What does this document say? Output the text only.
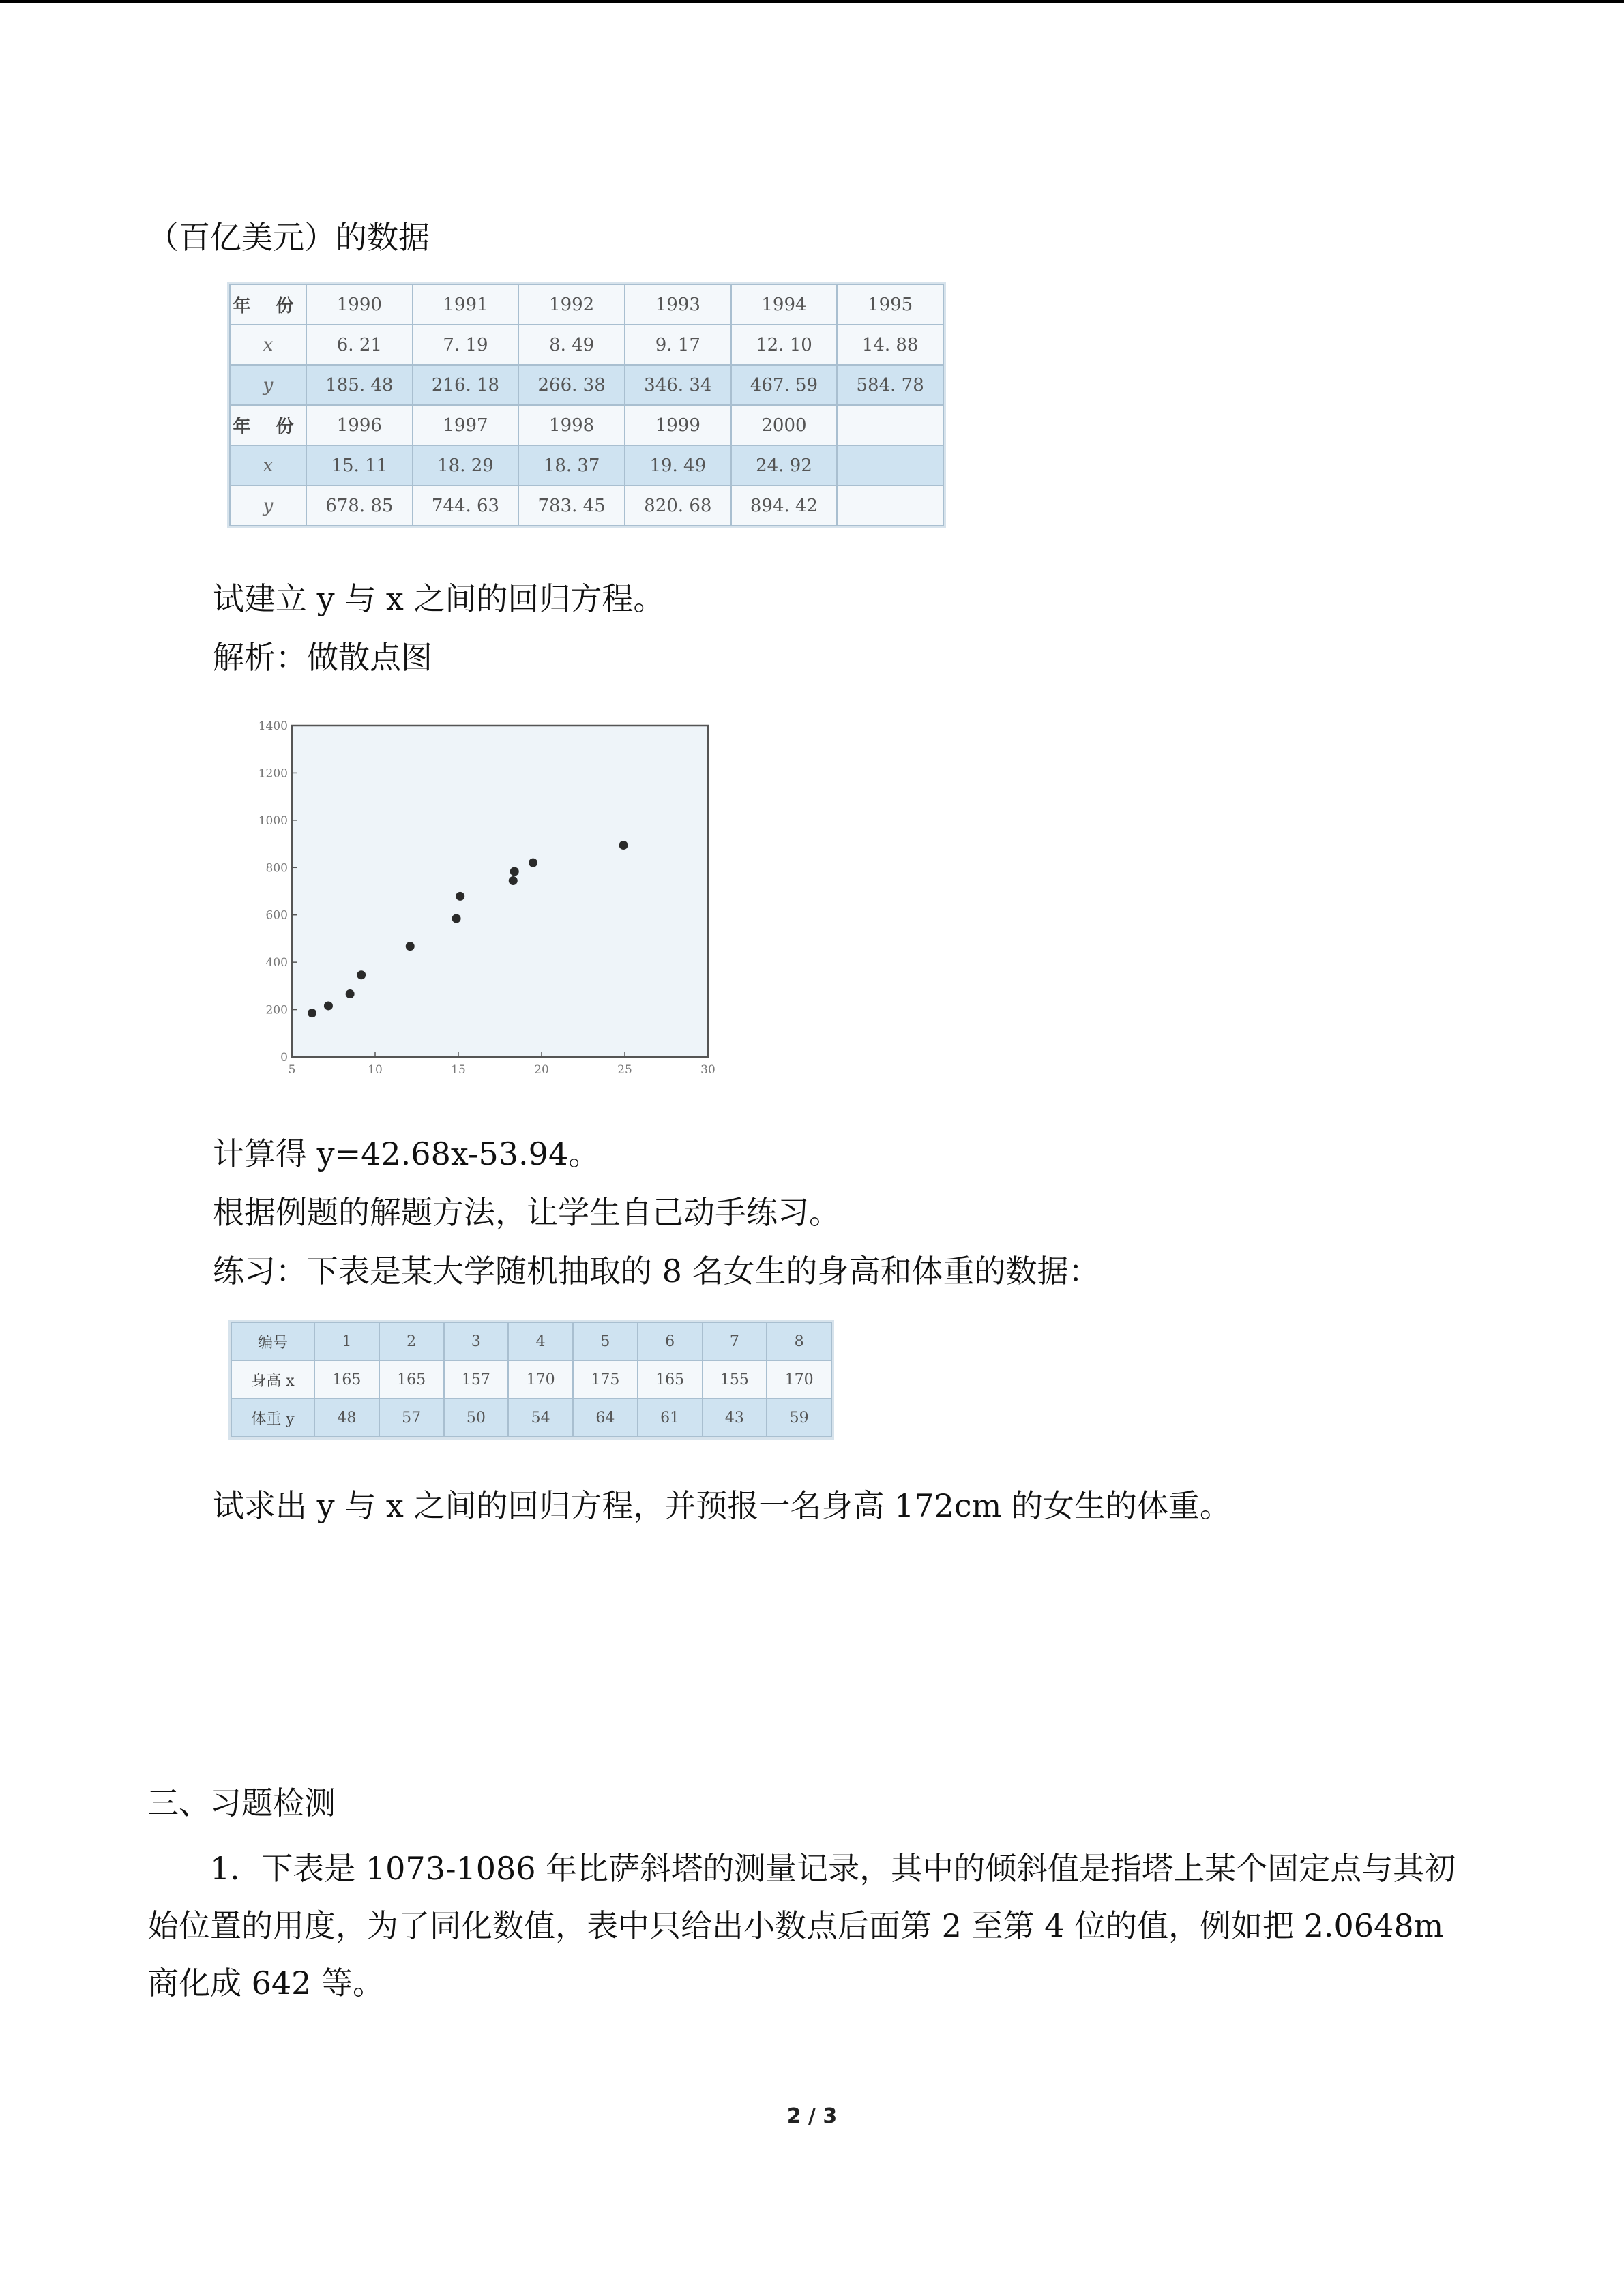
（百亿美元）的数据
年 份	1990	1991	1992	1993	1994	1995
x	6. 21	7. 19	8. 49	9. 17	12. 10	14. 88
y	185. 48	216. 18	266. 38	346. 34	467. 59	584. 78
年 份	1996	1997	1998	1999	2000	
x	15. 11	18. 29	18. 37	19. 49	24. 92	
y	678. 85	744. 63	783. 45	820. 68	894. 42	
试建立 y 与 x 之间的回归方程。
解析：做散点图
0
200
400
600
800
1000
1200
1400
5	10	15	20	25	30
计算得 y=42.68x-53.94。
根据例题的解题方法，让学生自己动手练习。
练习：下表是某大学随机抽取的 8 名女生的身高和体重的数据：
编号	1	2	3	4	5	6	7	8
身高 x	165	165	157	170	175	165	155	170
体重 y	48	57	50	54	64	61	43	59
试求出 y 与 x 之间的回归方程，并预报一名身高 172cm 的女生的体重。
三、习题检测
1．下表是 1073-1086 年比萨斜塔的测量记录，其中的倾斜值是指塔上某个固定点与其初始位置的用度，为了同化数值，表中只给出小数点后面第 2 至第 4 位的值，例如把 2.0648m 商化成 642 等。
2 / 3
